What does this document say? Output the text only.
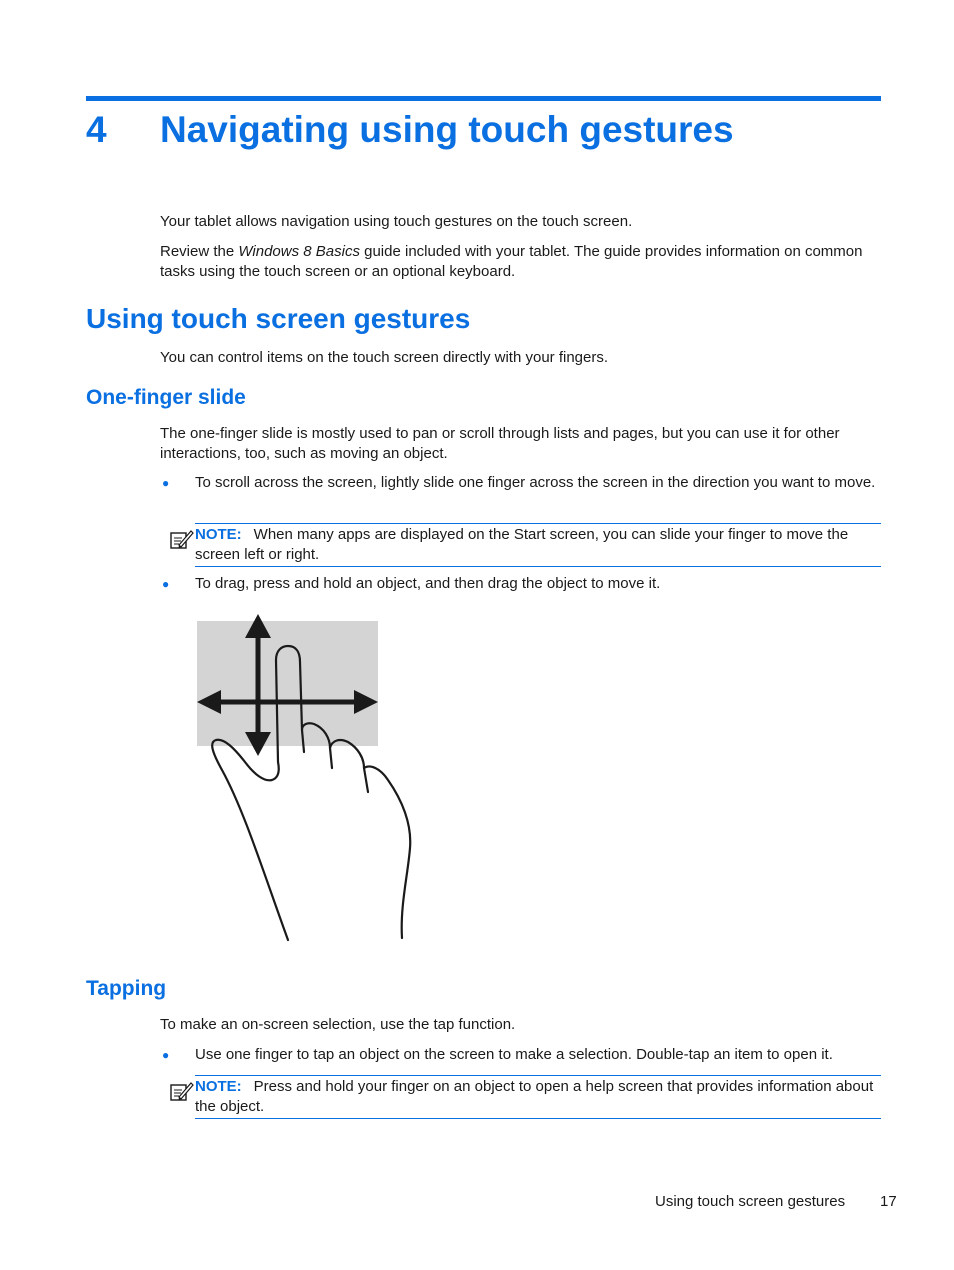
4 Navigating using touch gestures

Your tablet allows navigation using touch gestures on the touch screen.

Review the Windows 8 Basics guide included with your tablet. The guide provides information on common tasks using the touch screen or an optional keyboard.

Using touch screen gestures

You can control items on the touch screen directly with your fingers.

One-finger slide

The one-finger slide is mostly used to pan or scroll through lists and pages, but you can use it for other interactions, too, such as moving an object.

● To scroll across the screen, lightly slide one finger across the screen in the direction you want to move.

NOTE: When many apps are displayed on the Start screen, you can slide your finger to move the screen left or right.
● To drag, press and hold an object, and then drag the object to move it.

Tapping

To make an on-screen selection, use the tap function.

● Use one finger to tap an object on the screen to make a selection. Double-tap an item to open it.

NOTE: Press and hold your finger on an object to open a help screen that provides information about the object.
Using touch screen gestures 17
